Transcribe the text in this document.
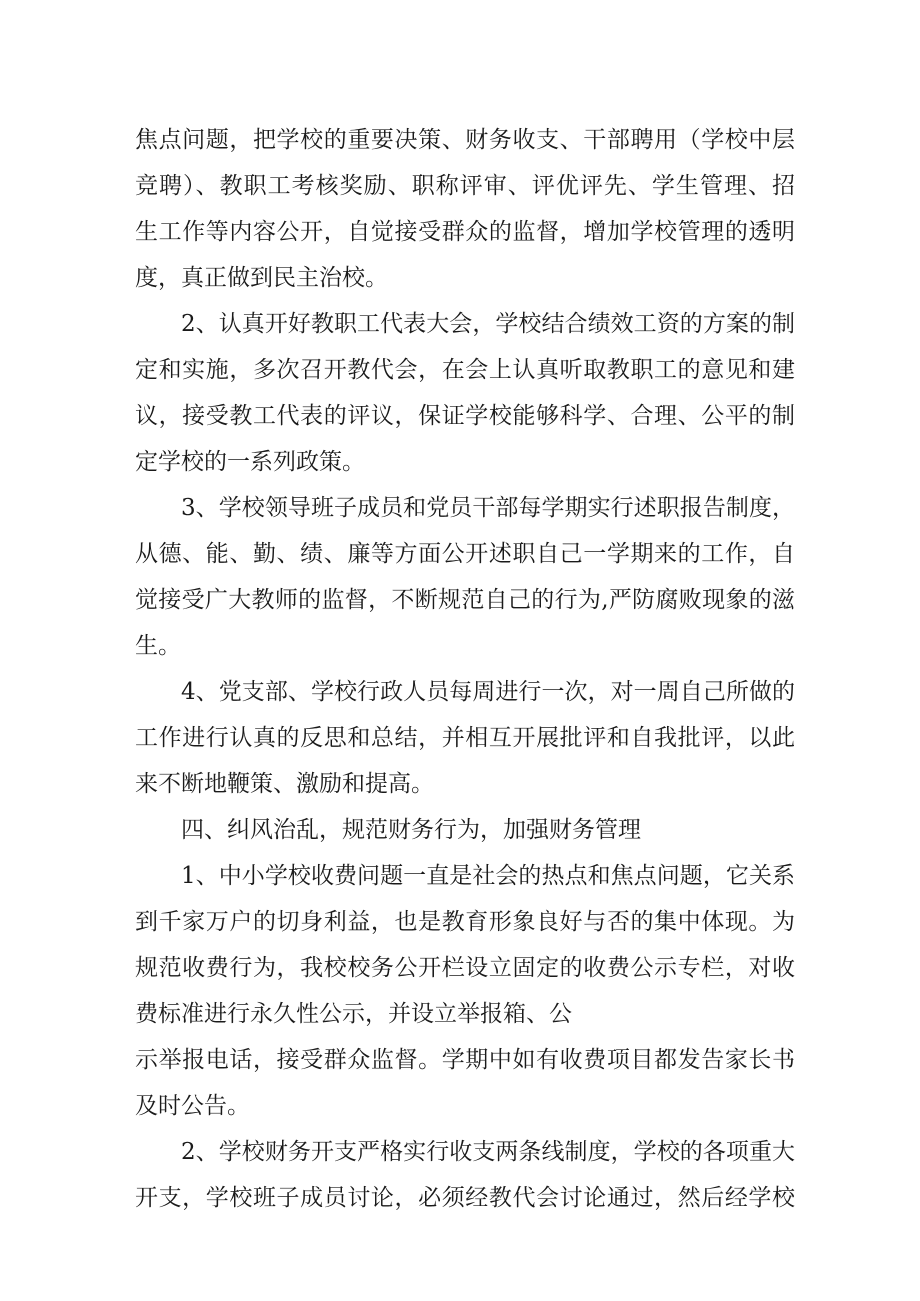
焦点问题，把学校的重要决策、财务收支、干部聘用（学校中层
竞聘）、教职工考核奖励、职称评审、评优评先、学生管理、招
生工作等内容公开，自觉接受群众的监督，增加学校管理的透明
度，真正做到民主治校。
2、认真开好教职工代表大会，学校结合绩效工资的方案的制
定和实施，多次召开教代会，在会上认真听取教职工的意见和建
议，接受教工代表的评议，保证学校能够科学、合理、公平的制
定学校的一系列政策。
3、学校领导班子成员和党员干部每学期实行述职报告制度，
从德、能、勤、绩、廉等方面公开述职自己一学期来的工作，自
觉接受广大教师的监督，不断规范自己的行为,严防腐败现象的滋
生。
4、党支部、学校行政人员每周进行一次，对一周自己所做的
工作进行认真的反思和总结，并相互开展批评和自我批评，以此
来不断地鞭策、激励和提高。
四、纠风治乱，规范财务行为，加强财务管理
1、中小学校收费问题一直是社会的热点和焦点问题，它关系
到千家万户的切身利益，也是教育形象良好与否的集中体现。为
规范收费行为，我校校务公开栏设立固定的收费公示专栏，对收
费标准进行永久性公示，并设立举报箱、公
示举报电话，接受群众监督。学期中如有收费项目都发告家长书
及时公告。
2、学校财务开支严格实行收支两条线制度，学校的各项重大
开支，学校班子成员讨论，必须经教代会讨论通过，然后经学校
